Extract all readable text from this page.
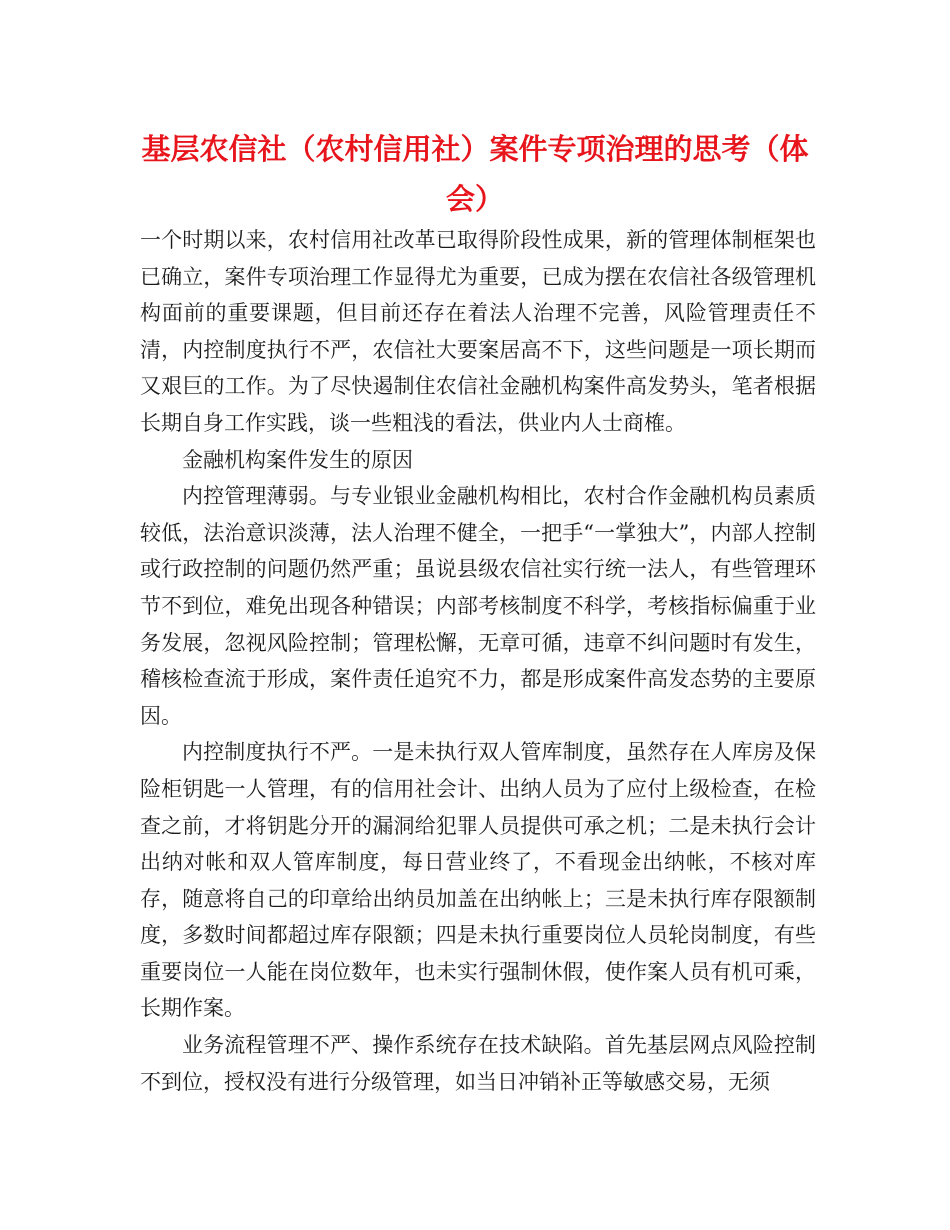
基层农信社（农村信用社）案件专项治理的思考（体会）

一个时期以来，农村信用社改革已取得阶段性成果，新的管理体制框架也已确立，案件专项治理工作显得尤为重要，已成为摆在农信社各级管理机构面前的重要课题，但目前还存在着法人治理不完善，风险管理责任不清，内控制度执行不严，农信社大要案居高不下，这些问题是一项长期而又艰巨的工作。为了尽快遏制住农信社金融机构案件高发势头，笔者根据长期自身工作实践，谈一些粗浅的看法，供业内人士商榷。

金融机构案件发生的原因

内控管理薄弱。与专业银业金融机构相比，农村合作金融机构员素质较低，法治意识淡薄，法人治理不健全，一把手“一掌独大”，内部人控制或行政控制的问题仍然严重；虽说县级农信社实行统一法人，有些管理环节不到位，难免出现各种错误；内部考核制度不科学，考核指标偏重于业务发展，忽视风险控制；管理松懈，无章可循，违章不纠问题时有发生，稽核检查流于形成，案件责任追究不力，都是形成案件高发态势的主要原因。

内控制度执行不严。一是未执行双人管库制度，虽然存在人库房及保险柜钥匙一人管理，有的信用社会计、出纳人员为了应付上级检查，在检查之前，才将钥匙分开的漏洞给犯罪人员提供可承之机；二是未执行会计出纳对帐和双人管库制度，每日营业终了，不看现金出纳帐，不核对库存，随意将自己的印章给出纳员加盖在出纳帐上；三是未执行库存限额制度，多数时间都超过库存限额；四是未执行重要岗位人员轮岗制度，有些重要岗位一人能在岗位数年，也未实行强制休假，使作案人员有机可乘，长期作案。

业务流程管理不严、操作系统存在技术缺陷。首先基层网点风险控制不到位，授权没有进行分级管理，如当日冲销补正等敏感交易，无须
